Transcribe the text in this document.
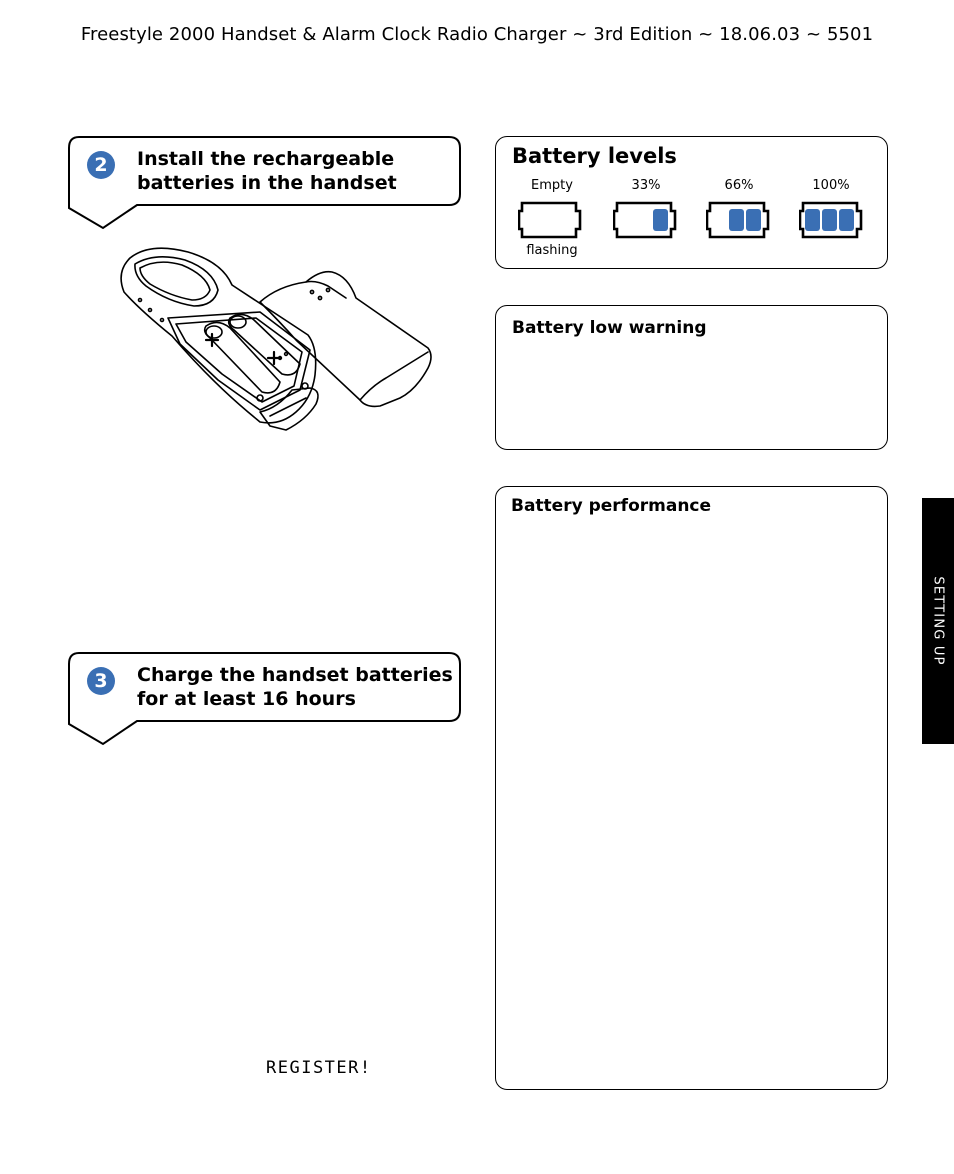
Freestyle 2000 Handset & Alarm Clock Radio Charger ~ 3rd Edition ~ 18.06.03 ~ 5501
2	Install the rechargeable
batteries in the handset
3	Charge the handset batteries
for at least 16 hours
Battery levels
Empty	33%	66%	100%
flashing
Battery low warning
Battery performance
SETTING UP
REGISTER!
